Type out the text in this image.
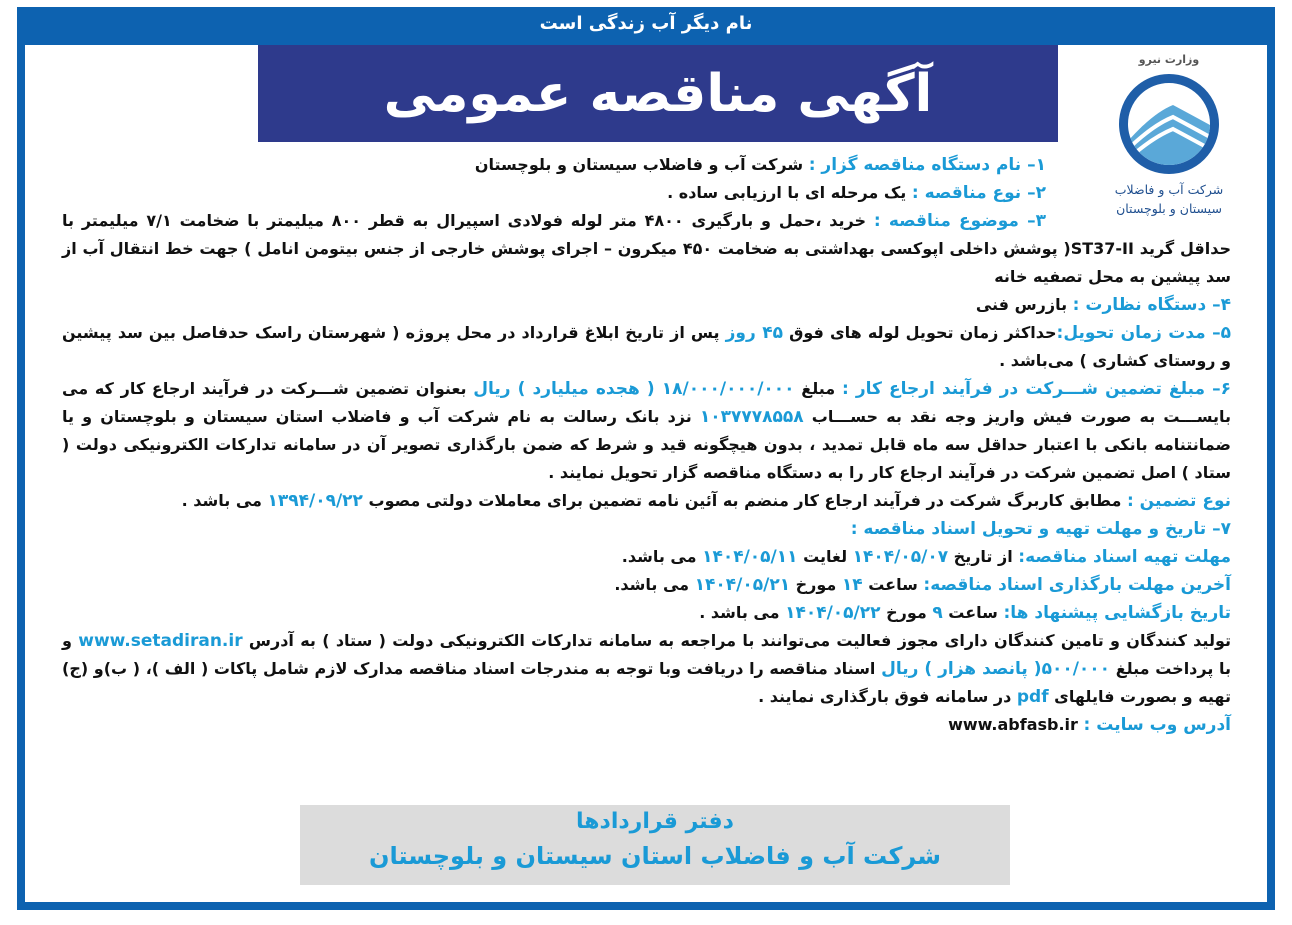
نام دیگر آب زندگی است
آگهی مناقصه عمومی
وزارت نیرو
شرکت آب و فاضلاب
سیستان و بلوچستان

۱– نام دستگاه مناقصه گزار : شرکت آب و فاضلاب سیستان و بلوچستان

۲– نوع مناقصه : یک مرحله ای با ارزیابی ساده .

۳– موضوع مناقصه : خرید ،حمل و بارگیری ۴۸۰۰ متر لوله فولادی اسپیرال به قطر ۸۰۰ میلیمتر با ضخامت ۷/۱ میلیمتر با حداقل گرید ST37-II( پوشش داخلی اپوکسی بهداشتی به ضخامت ۴۵۰ میکرون – اجرای پوشش خارجی از جنس بیتومن انامل ) جهت خط انتقال آب از سد پیشین به محل تصفیه خانه

۴– دستگاه نظارت : بازرس فنی

۵– مدت زمان تحویل:حداکثر زمان تحویل لوله های فوق ۴۵ روز پس از تاریخ ابلاغ قرارداد در محل پروژه ( شهرستان راسک حدفاصل بین سد پیشین و روستای کشاری ) می‌باشد .

۶– مبلغ تضمین شـــرکت در فرآیند ارجاع کار : مبلغ ۱۸/۰۰۰/۰۰۰/۰۰۰ ( هجده میلیارد ) ریال بعنوان تضمین شـــرکت در فرآیند ارجاع کار که می بایســـت به صورت فیش واریز وجه نقد به حســـاب ۱۰۳۷۷۷۸۵۵۸ نزد بانک رسالت به نام شرکت آب و فاضلاب استان سیستان و بلوچستان و یا ضمانتنامه بانکی با اعتبار حداقل سه ماه قابل تمدید ، بدون هیچگونه قید و شرط که ضمن بارگذاری تصویر آن در سامانه تدارکات الکترونیکی دولت ( ستاد ) اصل تضمین شرکت در فرآیند ارجاع کار را به دستگاه مناقصه گزار تحویل نمایند .

نوع تضمین : مطابق کاربرگ شرکت در فرآیند ارجاع کار منضم به آئین نامه تضمین برای معاملات دولتی مصوب ۱۳۹۴/۰۹/۲۲ می باشد .

۷– تاریخ و مهلت تهیه و تحویل اسناد مناقصه :

مهلت تهیه اسناد مناقصه: از تاریخ ۱۴۰۴/۰۵/۰۷ لغایت ۱۴۰۴/۰۵/۱۱ می باشد.

آخرین مهلت بارگذاری اسناد مناقصه: ساعت ۱۴ مورخ ۱۴۰۴/۰۵/۲۱ می باشد.

تاریخ بازگشایی پیشنهاد ها: ساعت ۹ مورخ ۱۴۰۴/۰۵/۲۲ می باشد .

تولید کنندگان و تامین کنندگان دارای مجوز فعالیت می‌توانند با مراجعه به سامانه تدارکات الکترونیکی دولت ( ستاد ) به آدرس www.setadiran.ir و با پرداخت مبلغ ۵۰۰/۰۰۰( پانصد هزار ) ریال اسناد مناقصه را دریافت وبا توجه به مندرجات اسناد مناقصه مدارک لازم شامل پاکات ( الف )، ( ب)و (ج) تهیه و بصورت فایلهای pdf در سامانه فوق بارگذاری نمایند .

آدرس وب سایت : www.abfasb.ir

دفتر قراردادها
شرکت آب و فاضلاب استان سیستان و بلوچستان
